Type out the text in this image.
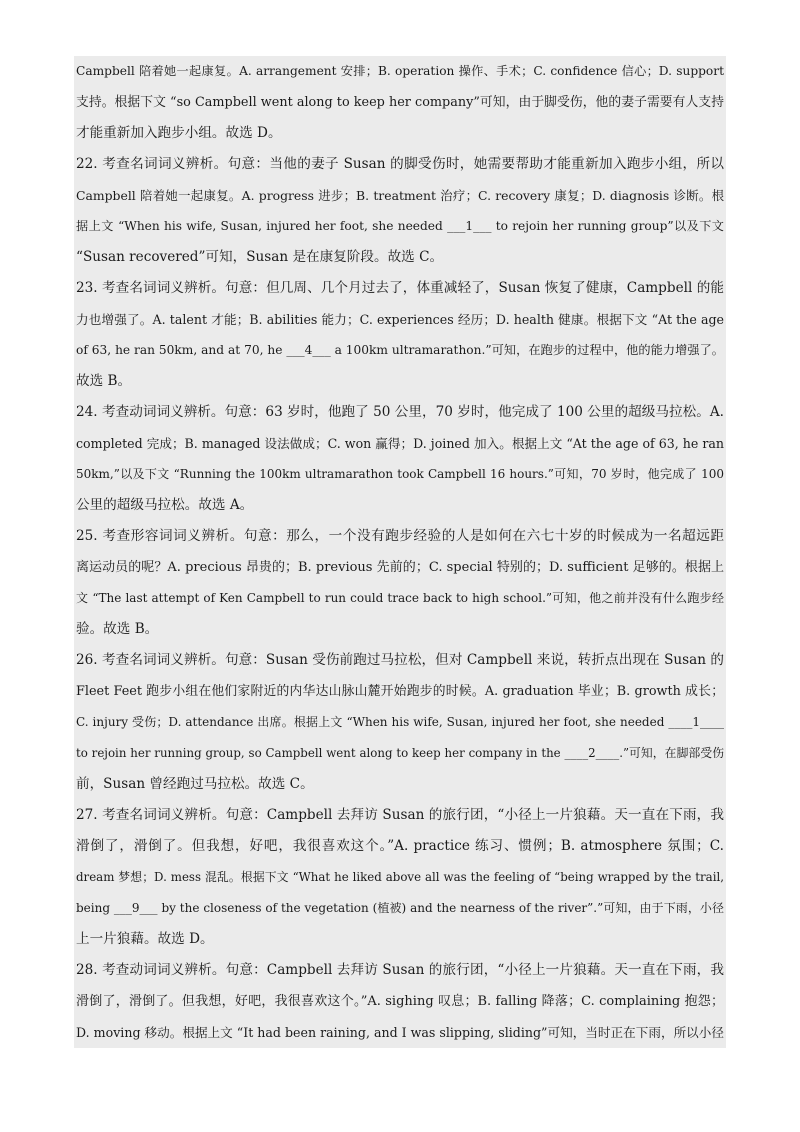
Campbell 陪着她一起康复。A. arrangement 安排；B. operation 操作、手术；C. confidence 信心；D. support
支持。根据下文 “so Campbell went along to keep her company”可知，由于脚受伤，他的妻子需要有人支持
才能重新加入跑步小组。故选 D。
22. 考查名词词义辨析。句意：当他的妻子 Susan 的脚受伤时，她需要帮助才能重新加入跑步小组，所以
Campbell 陪着她一起康复。A. progress 进步；B. treatment 治疗；C. recovery 康复；D. diagnosis 诊断。根
据上文 “When his wife, Susan, injured her foot, she needed ___1___ to rejoin her running group”以及下文
“Susan recovered”可知，Susan 是在康复阶段。故选 C。
23. 考查名词词义辨析。句意：但几周、几个月过去了，体重减轻了，Susan 恢复了健康，Campbell 的能
力也增强了。A. talent 才能；B. abilities 能力；C. experiences 经历；D. health 健康。根据下文 “At the age
of 63, he ran 50km, and at 70, he ___4___ a 100km ultramarathon.”可知，在跑步的过程中，他的能力增强了。
故选 B。
24. 考查动词词义辨析。句意：63 岁时，他跑了 50 公里，70 岁时，他完成了 100 公里的超级马拉松。A.
completed 完成；B. managed 设法做成；C. won 赢得；D. joined 加入。根据上文 “At the age of 63, he ran
50km,”以及下文 “Running the 100km ultramarathon took Campbell 16 hours.”可知，70 岁时，他完成了 100
公里的超级马拉松。故选 A。
25. 考查形容词词义辨析。句意：那么，一个没有跑步经验的人是如何在六七十岁的时候成为一名超远距
离运动员的呢？A. precious 昂贵的；B. previous 先前的；C. special 特别的；D. sufficient 足够的。根据上
文 “The last attempt of Ken Campbell to run could trace back to high school.”可知，他之前并没有什么跑步经
验。故选 B。
26. 考查名词词义辨析。句意：Susan 受伤前跑过马拉松，但对 Campbell 来说，转折点出现在 Susan 的
Fleet Feet 跑步小组在他们家附近的内华达山脉山麓开始跑步的时候。A. graduation 毕业；B. growth 成长；
C. injury 受伤；D. attendance 出席。根据上文 “When his wife, Susan, injured her foot, she needed ____1____
to rejoin her running group, so Campbell went along to keep her company in the ____2____.”可知，在脚部受伤
前，Susan 曾经跑过马拉松。故选 C。
27. 考查名词词义辨析。句意：Campbell 去拜访 Susan 的旅行团，“小径上一片狼藉。天一直在下雨，我
滑倒了，滑倒了。但我想，好吧，我很喜欢这个。”A. practice 练习、惯例；B. atmosphere 氛围；C.
dream 梦想；D. mess 混乱。根据下文 “What he liked above all was the feeling of “being wrapped by the trail,
being ___9___ by the closeness of the vegetation (植被) and the nearness of the river”.”可知，由于下雨，小径
上一片狼藉。故选 D。
28. 考查动词词义辨析。句意：Campbell 去拜访 Susan 的旅行团，“小径上一片狼藉。天一直在下雨，我
滑倒了，滑倒了。但我想，好吧，我很喜欢这个。”A. sighing 叹息；B. falling 降落；C. complaining 抱怨；
D. moving 移动。根据上文 “It had been raining, and I was slipping, sliding”可知，当时正在下雨，所以小径
